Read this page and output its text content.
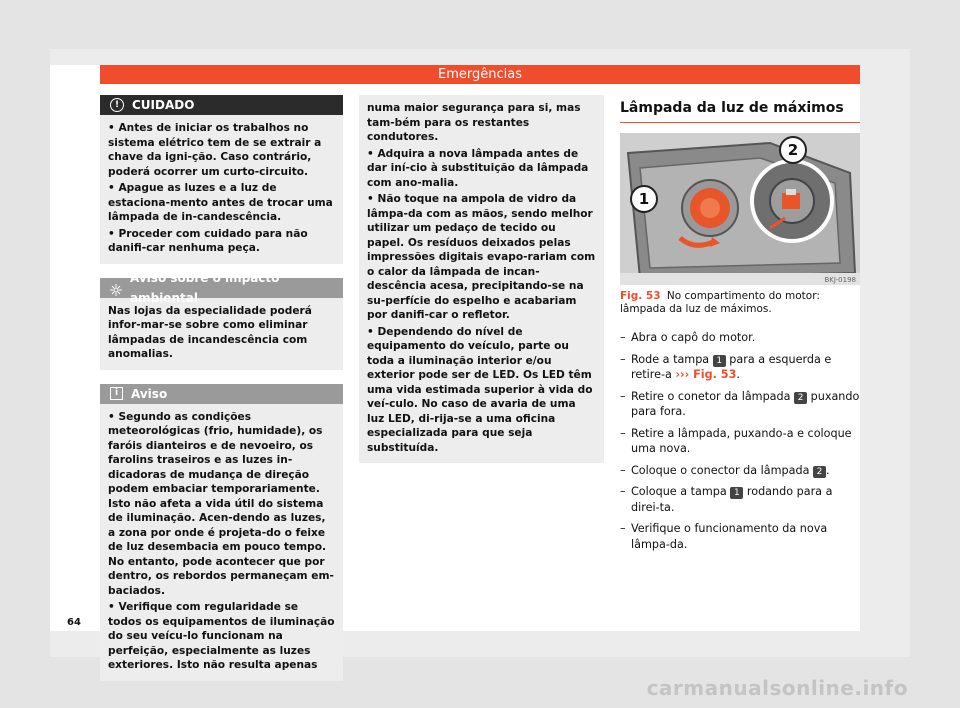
Emergências
!	CUIDADO

• Antes de iniciar os trabalhos no sistema elétrico tem de se extrair a chave da igni-ção. Caso contrário, poderá ocorrer um curto-circuito.

• Apague as luzes e a luz de estaciona-mento antes de trocar uma lâmpada de in-candescência.

• Proceder com cuidado para não danifi-car nenhuma peça.

Aviso sobre o impacto ambiental

Nas lojas da especialidade poderá infor-mar-se sobre como eliminar lâmpadas de incandescência com anomalias.

i	Aviso

• Segundo as condições meteorológicas (frio, humidade), os faróis dianteiros e de nevoeiro, os farolins traseiros e as luzes in-dicadoras de mudança de direção podem embaciar temporariamente. Isto não afeta a vida útil do sistema de iluminação. Acen-dendo as luzes, a zona por onde é projeta-do o feixe de luz desembacia em pouco tempo. No entanto, pode acontecer que por dentro, os rebordos permaneçam em-baciados.

• Verifique com regularidade se todos os equipamentos de iluminação do seu veícu-lo funcionam na perfeição, especialmente as luzes exteriores. Isto não resulta apenas

numa maior segurança para si, mas tam-bém para os restantes condutores.

• Adquira a nova lâmpada antes de dar iní-cio à substituição da lâmpada com ano-malia.

• Não toque na ampola de vidro da lâmpa-da com as mãos, sendo melhor utilizar um pedaço de tecido ou papel. Os resíduos deixados pelas impressões digitais evapo-rariam com o calor da lâmpada de incan-descência acesa, precipitando-se na su-perfície do espelho e acabariam por danifi-car o refletor.

• Dependendo do nível de equipamento do veículo, parte ou toda a iluminação interior e/ou exterior pode ser de LED. Os LED têm uma vida estimada superior à vida do veí-culo. No caso de avaria de uma luz LED, di-rija-se a uma oficina especializada para que seja substituída.

Lâmpada da luz de máximos
1
2
BKJ-0198
Fig. 53 No compartimento do motor: lâmpada da luz de máximos.
– Abra o capô do motor.
– Rode a tampa 1 para a esquerda e retire-a ››› Fig. 53.
– Retire o conetor da lâmpada 2 puxando para fora.
– Retire a lâmpada, puxando-a e coloque uma nova.
– Coloque o conector da lâmpada 2 .
– Coloque a tampa 1 rodando para a direi-ta.
– Verifique o funcionamento da nova lâmpa-da.
64
carmanualsonline.info
